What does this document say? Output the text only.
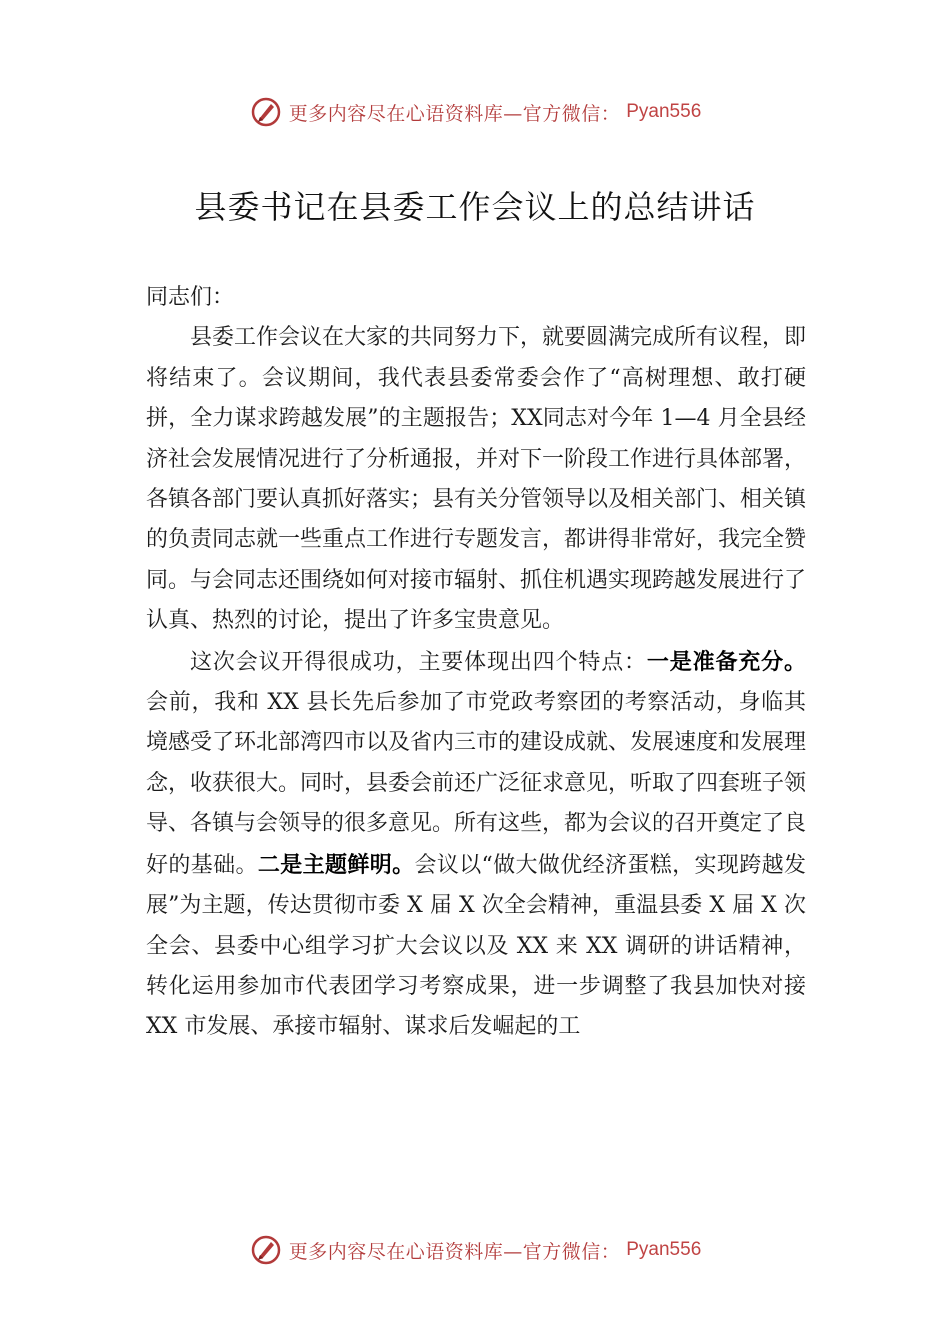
更多内容尽在心语资料库—官方微信： Pyan556
县委书记在县委工作会议上的总结讲话

同志们：

县委工作会议在大家的共同努力下，就要圆满完成所有议程，即将结束了。会议期间，我代表县委常委会作了“高树理想、敢打硬拼，全力谋求跨越发展”的主题报告；XX同志对今年 1—4 月全县经济社会发展情况进行了分析通报，并对下一阶段工作进行具体部署，各镇各部门要认真抓好落实；县有关分管领导以及相关部门、相关镇的负责同志就一些重点工作进行专题发言，都讲得非常好，我完全赞同。与会同志还围绕如何对接市辐射、抓住机遇实现跨越发展进行了认真、热烈的讨论，提出了许多宝贵意见。

这次会议开得很成功，主要体现出四个特点：一是准备充分。会前，我和 XX 县长先后参加了市党政考察团的考察活动，身临其境感受了环北部湾四市以及省内三市的建设成就、发展速度和发展理念，收获很大。同时，县委会前还广泛征求意见，听取了四套班子领导、各镇与会领导的很多意见。所有这些，都为会议的召开奠定了良好的基础。二是主题鲜明。会议以“做大做优经济蛋糕，实现跨越发展”为主题，传达贯彻市委 X 届 X 次全会精神，重温县委 X 届 X 次全会、县委中心组学习扩大会议以及 XX 来 XX 调研的讲话精神，转化运用参加市代表团学习考察成果，进一步调整了我县加快对接 XX 市发展、承接市辐射、谋求后发崛起的工

更多内容尽在心语资料库—官方微信： Pyan556
